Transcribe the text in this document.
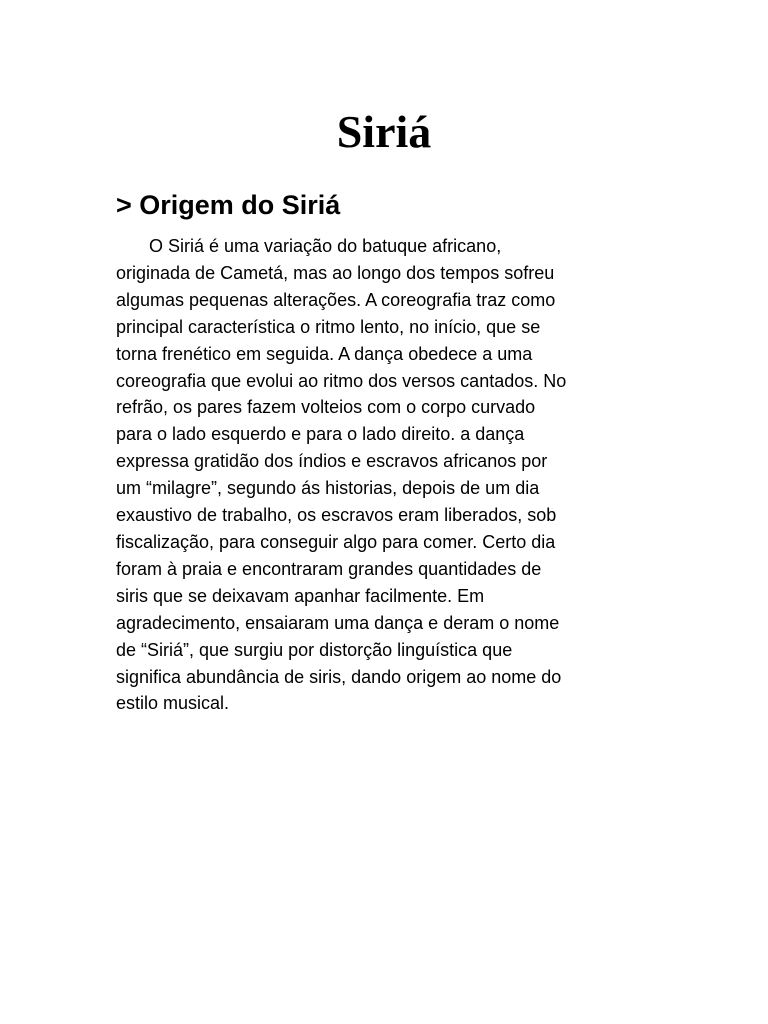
Siriá
> Origem do Siriá

O Siriá é uma variação do batuque africano,
originada de Cametá, mas ao longo dos tempos sofreu
algumas pequenas alterações. A coreografia traz como
principal característica o ritmo lento, no início, que se
torna frenético em seguida. A dança obedece a uma
coreografia que evolui ao ritmo dos versos cantados. No
refrão, os pares fazem volteios com o corpo curvado
para o lado esquerdo e para o lado direito. a dança
expressa gratidão dos índios e escravos africanos por
um “milagre”, segundo ás historias, depois de um dia
exaustivo de trabalho, os escravos eram liberados, sob
fiscalização, para conseguir algo para comer. Certo dia
foram à praia e encontraram grandes quantidades de
siris que se deixavam apanhar facilmente. Em
agradecimento, ensaiaram uma dança e deram o nome
de “Siriá”, que surgiu por distorção linguística que
significa abundância de siris, dando origem ao nome do
estilo musical.
